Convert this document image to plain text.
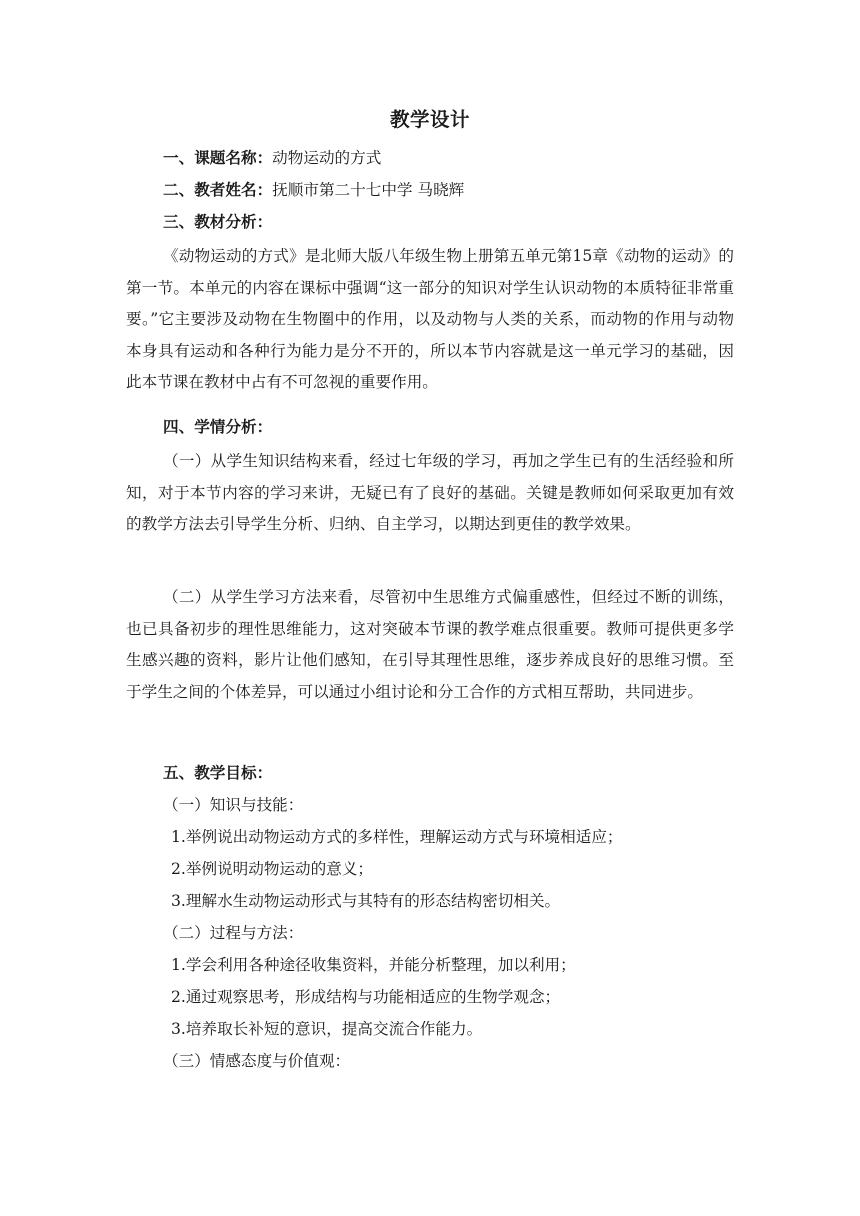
教学设计
一、课题名称：动物运动的方式
二、教者姓名：抚顺市第二十七中学 马晓辉
三、教材分析：
《动物运动的方式》是北师大版八年级生物上册第五单元第15章《动物的运动》的第一节。本单元的内容在课标中强调“这一部分的知识对学生认识动物的本质特征非常重要。”它主要涉及动物在生物圈中的作用，以及动物与人类的关系，而动物的作用与动物本身具有运动和各种行为能力是分不开的，所以本节内容就是这一单元学习的基础，因此本节课在教材中占有不可忽视的重要作用。
四、学情分析：
（一）从学生知识结构来看，经过七年级的学习，再加之学生已有的生活经验和所知，对于本节内容的学习来讲，无疑已有了良好的基础。关键是教师如何采取更加有效的教学方法去引导学生分析、归纳、自主学习，以期达到更佳的教学效果。
（二）从学生学习方法来看，尽管初中生思维方式偏重感性，但经过不断的训练，也已具备初步的理性思维能力，这对突破本节课的教学难点很重要。教师可提供更多学生感兴趣的资料，影片让他们感知，在引导其理性思维，逐步养成良好的思维习惯。至于学生之间的个体差异，可以通过小组讨论和分工合作的方式相互帮助，共同进步。
五、教学目标：
（一）知识与技能：
1.举例说出动物运动方式的多样性，理解运动方式与环境相适应；
2.举例说明动物运动的意义；
3.理解水生动物运动形式与其特有的形态结构密切相关。
（二）过程与方法：
1.学会利用各种途径收集资料，并能分析整理，加以利用；
2.通过观察思考，形成结构与功能相适应的生物学观念；
3.培养取长补短的意识，提高交流合作能力。
（三）情感态度与价值观：
